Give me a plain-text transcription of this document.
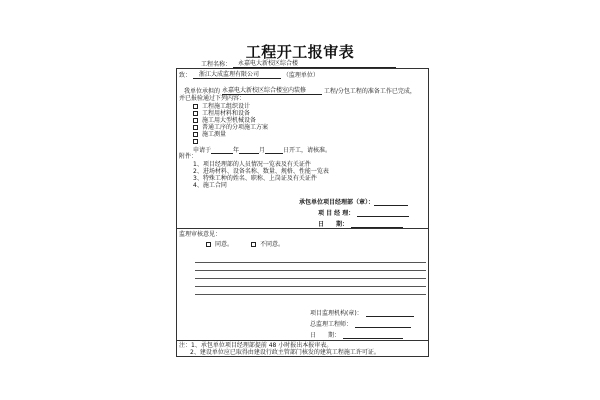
工程开工报审表
工程名称： 永嘉电大新校区综合楼
致： 浙江大成监理有限公司	（监理单位）
我单位承担的 永嘉电大新校区综合楼室内装修	工程/分包工程的准备工作已完成，
并已报验通过下列内容：
工程施工组织设计
工程用材料和设备
施工用大型机械设备
普通工序的分项施工方案
施工测量
申请于	年	月	日开工，请核准。
附件：
1、项目经理部的人员情况一览表及有关证件
2、进场材料、设备名称、数量、规格、性能一览表
3、特殊工种的姓名、职称、上岗证及有关证件
4、施工合同
承包单位项目经理部（章）：
项 目 经 理：
日　　期：
监理审核意见：
同意。	不同意。
项目监理机构(章)：
总监理工程师：
日　　期：
注：1、承包单位项目经理部提前 48 小时报出本报审表。
2、建设单位应已取得由建设行政主管部门核发的建筑工程施工许可证。
